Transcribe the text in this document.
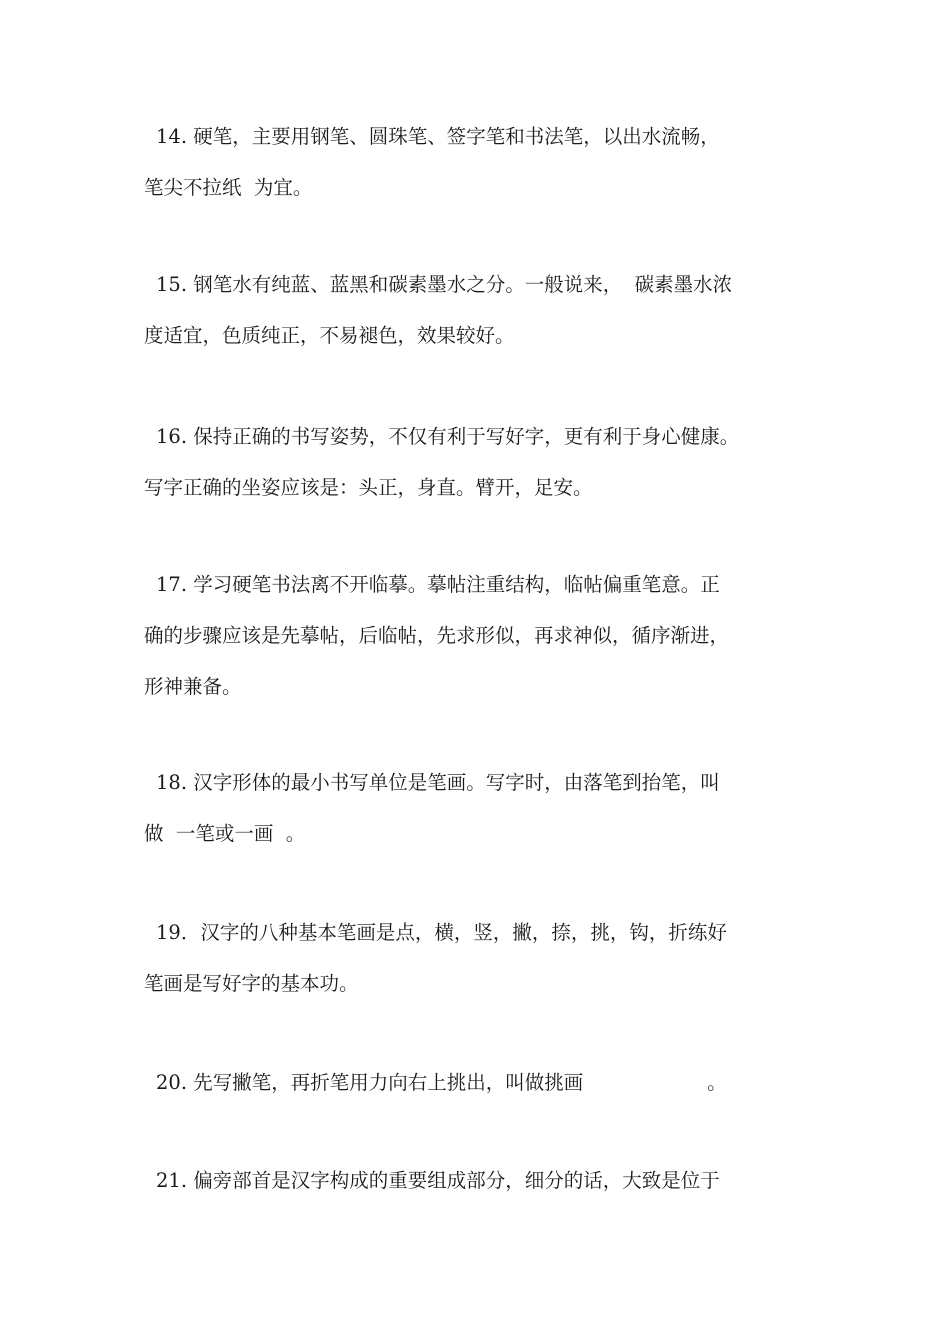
14. 硬笔，主要用钢笔、圆珠笔、签字笔和书法笔，以出水流畅，
笔尖不拉纸  为宜。
15. 钢笔水有纯蓝、蓝黑和碳素墨水之分。一般说来，  碳素墨水浓
度适宜，色质纯正，不易褪色，效果较好。
16. 保持正确的书写姿势，不仅有利于写好字，更有利于身心健康。
写字正确的坐姿应该是：头正，身直。臂开，足安。
17. 学习硬笔书法离不开临摹。摹帖注重结构，临帖偏重笔意。正
确的步骤应该是先摹帖，后临帖，先求形似，再求神似，循序渐进，
形神兼备。
18. 汉字形体的最小书写单位是笔画。写字时，由落笔到抬笔，叫
做  一笔或一画  。
19．汉字的八种基本笔画是点，横，竖，撇，捺，挑，钩，折练好
笔画是写好字的基本功。
20. 先写撇笔，再折笔用力向右上挑出，叫做挑画                    。
21. 偏旁部首是汉字构成的重要组成部分，细分的话，大致是位于
